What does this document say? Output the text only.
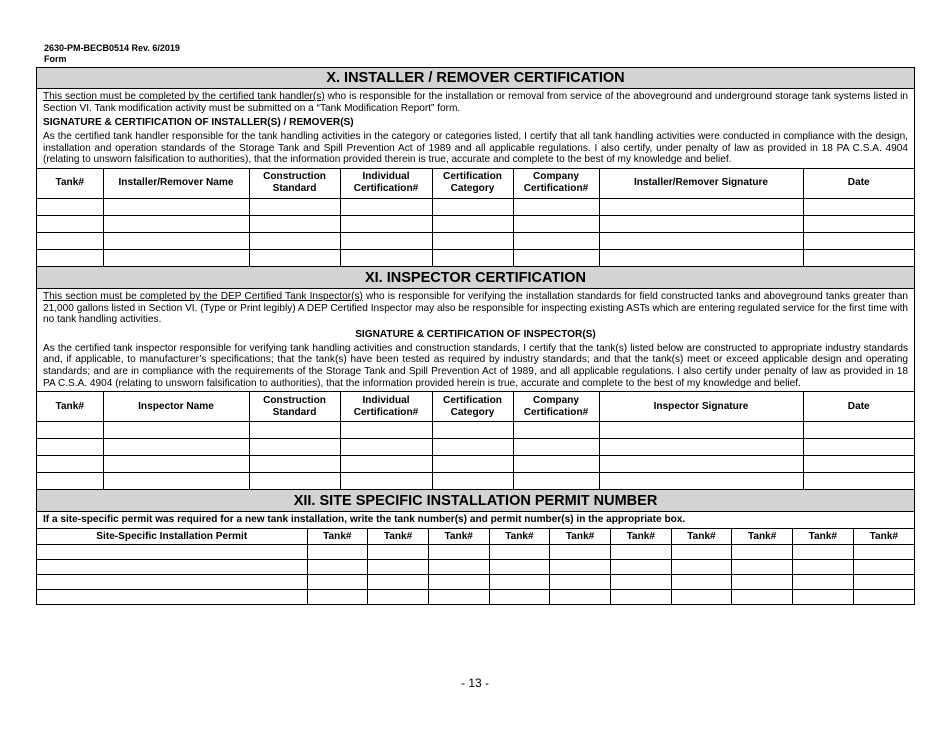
2630-PM-BECB0514 Rev. 6/2019
Form
X. INSTALLER / REMOVER CERTIFICATION
This section must be completed by the certified tank handler(s) who is responsible for the installation or removal from service of the aboveground and underground storage tank systems listed in Section VI. Tank modification activity must be submitted on a “Tank Modification Report” form.
SIGNATURE & CERTIFICATION OF INSTALLER(S) / REMOVER(S)
As the certified tank handler responsible for the tank handling activities in the category or categories listed, I certify that all tank handling activities were conducted in compliance with the design, installation and operation standards of the Storage Tank and Spill Prevention Act of 1989 and all applicable regulations. I also certify, under penalty of law as provided in 18 PA C.S.A. 4904 (relating to unsworn falsification to authorities), that the information provided therein is true, accurate and complete to the best of my knowledge and belief.
Tank#	Installer/Remover Name	Construction Standard	Individual Certification#	Certification Category	Company Certification#	Installer/Remover Signature	Date

XI. INSPECTOR CERTIFICATION
This section must be completed by the DEP Certified Tank Inspector(s) who is responsible for verifying the installation standards for field constructed tanks and aboveground tanks greater than 21,000 gallons listed in Section VI. (Type or Print legibly) A DEP Certified Inspector may also be responsible for inspecting existing ASTs which are entering regulated service for the first time with no tank handling activities.
SIGNATURE & CERTIFICATION OF INSPECTOR(S)
As the certified tank inspector responsible for verifying tank handling activities and construction standards, I certify that the tank(s) listed below are constructed to appropriate industry standards and, if applicable, to manufacturer’s specifications; that the tank(s) have been tested as required by industry standards; and that the tank(s) meet or exceed applicable design and operating standards; and are in compliance with the requirements of the Storage Tank and Spill Prevention Act of 1989, and all applicable regulations. I also certify under penalty of law as provided in 18 PA C.S.A. 4904 (relating to unsworn falsification to authorities), that the information provided herein is true, accurate and complete to the best of my knowledge and belief.
Tank#	Inspector Name	Construction Standard	Individual Certification#	Certification Category	Company Certification#	Inspector Signature	Date

XII. SITE SPECIFIC INSTALLATION PERMIT NUMBER
If a site-specific permit was required for a new tank installation, write the tank number(s) and permit number(s) in the appropriate box.
Site-Specific Installation Permit	Tank#	Tank#	Tank#	Tank#	Tank#	Tank#	Tank#	Tank#	Tank#	Tank#

- 13 -
